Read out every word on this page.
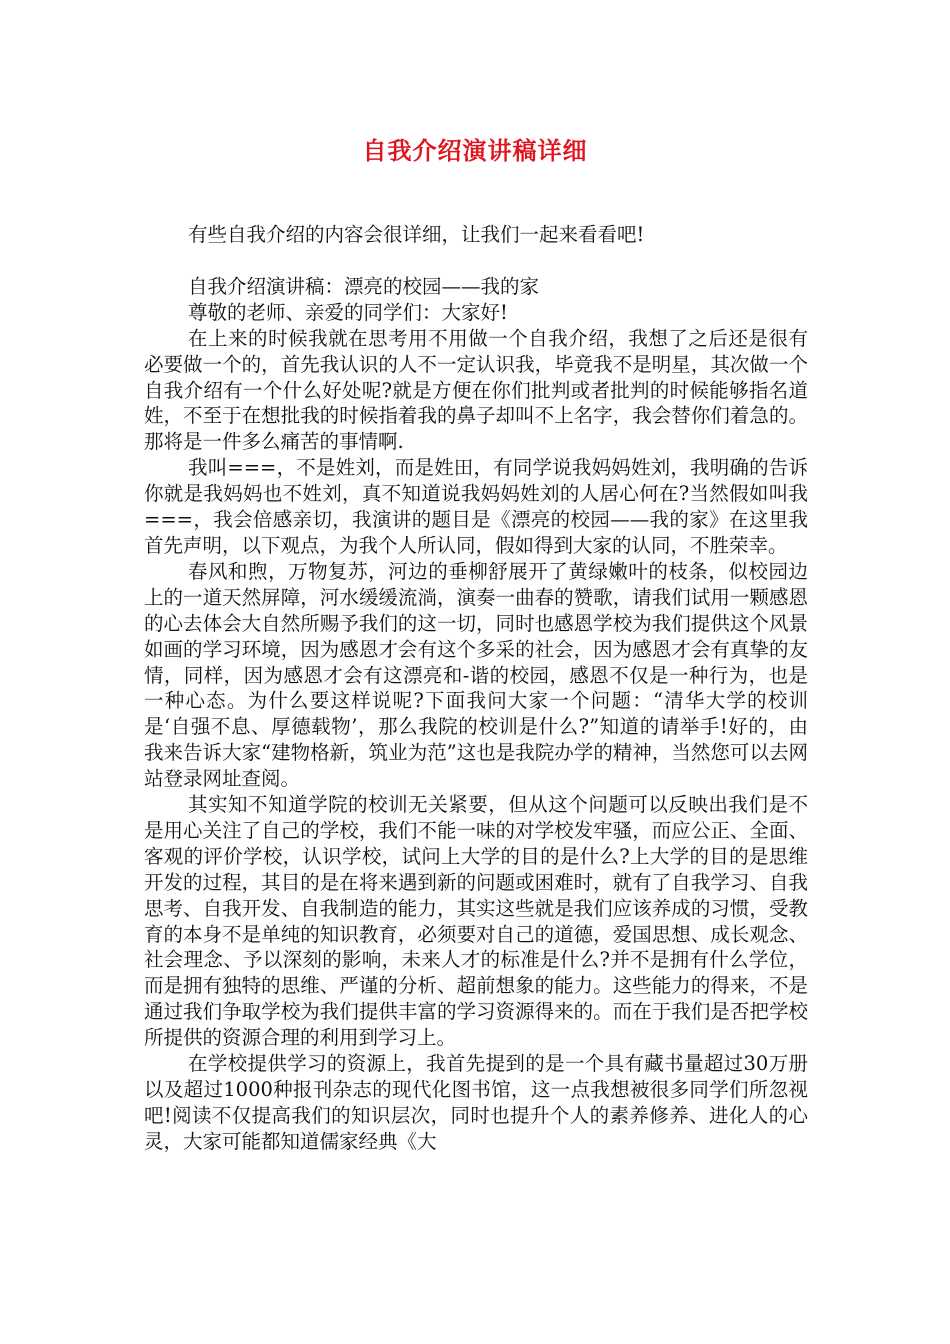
自我介绍演讲稿详细

有些自我介绍的内容会很详细，让我们一起来看看吧!

自我介绍演讲稿：漂亮的校园——我的家

尊敬的老师、亲爱的同学们：大家好!

在上来的时候我就在思考用不用做一个自我介绍，我想了之后还是很有必要做一个的，首先我认识的人不一定认识我，毕竟我不是明星，其次做一个自我介绍有一个什么好处呢?就是方便在你们批判或者批判的时候能够指名道姓，不至于在想批我的时候指着我的鼻子却叫不上名字，我会替你们着急的。那将是一件多么痛苦的事情啊.

我叫===，不是姓刘，而是姓田，有同学说我妈妈姓刘，我明确的告诉你就是我妈妈也不姓刘，真不知道说我妈妈姓刘的人居心何在?当然假如叫我===，我会倍感亲切，我演讲的题目是《漂亮的校园——我的家》在这里我首先声明，以下观点，为我个人所认同，假如得到大家的认同，不胜荣幸。

春风和煦，万物复苏，河边的垂柳舒展开了黄绿嫩叶的枝条，似校园边上的一道天然屏障，河水缓缓流淌，演奏一曲春的赞歌，请我们试用一颗感恩的心去体会大自然所赐予我们的这一切，同时也感恩学校为我们提供这个风景如画的学习环境，因为感恩才会有这个多采的社会，因为感恩才会有真挚的友情，同样，因为感恩才会有这漂亮和-谐的校园，感恩不仅是一种行为，也是一种心态。为什么要这样说呢?下面我问大家一个问题：“清华大学的校训是‘自强不息、厚德载物’，那么我院的校训是什么?”知道的请举手!好的，由我来告诉大家“建物格新，筑业为范”这也是我院办学的精神，当然您可以去网站登录网址查阅。

其实知不知道学院的校训无关紧要，但从这个问题可以反映出我们是不是用心关注了自己的学校，我们不能一味的对学校发牢骚，而应公正、全面、客观的评价学校，认识学校，试问上大学的目的是什么?上大学的目的是思维开发的过程，其目的是在将来遇到新的问题或困难时，就有了自我学习、自我思考、自我开发、自我制造的能力，其实这些就是我们应该养成的习惯，受教育的本身不是单纯的知识教育，必须要对自己的道德，爱国思想、成长观念、社会理念、予以深刻的影响，未来人才的标准是什么?并不是拥有什么学位，而是拥有独特的思维、严谨的分析、超前想象的能力。这些能力的得来，不是通过我们争取学校为我们提供丰富的学习资源得来的。而在于我们是否把学校所提供的资源合理的利用到学习上。

在学校提供学习的资源上，我首先提到的是一个具有藏书量超过30万册以及超过1000种报刊杂志的现代化图书馆，这一点我想被很多同学们所忽视吧!阅读不仅提高我们的知识层次，同时也提升个人的素养修养、进化人的心灵，大家可能都知道儒家经典《大
